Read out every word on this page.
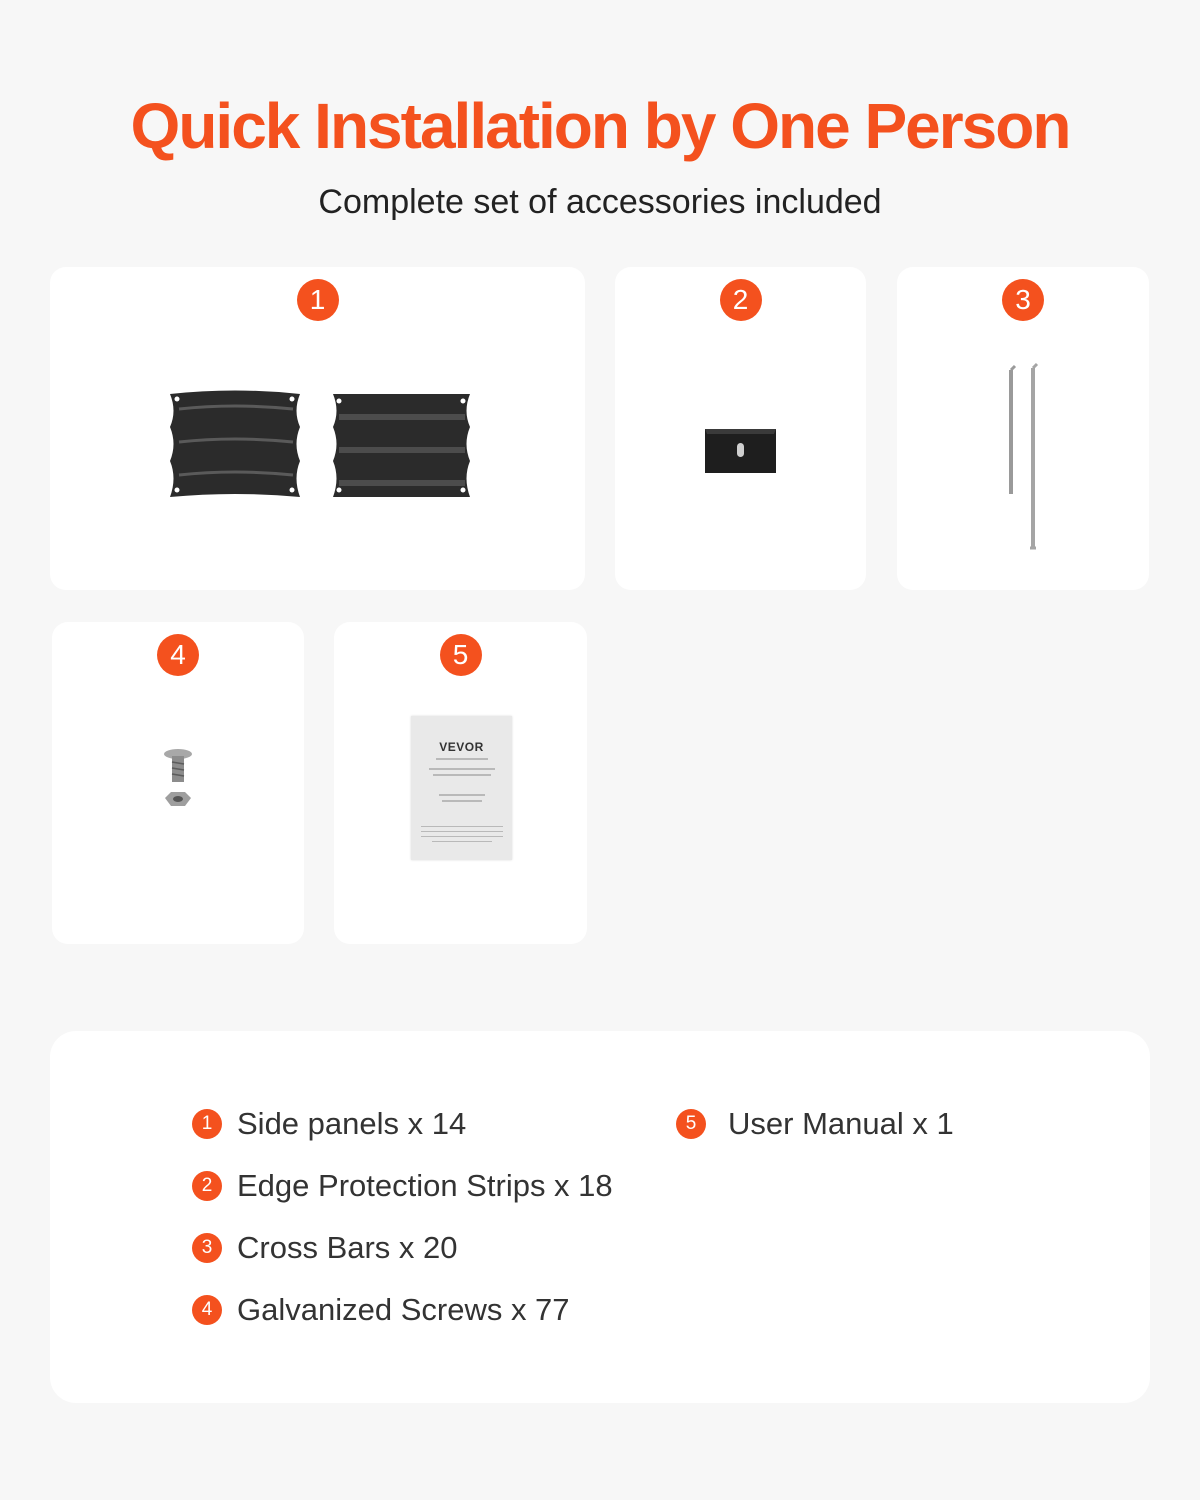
Quick Installation by One Person
Complete set of accessories included
1	2	3
4	5
VEVOR
1 Side panels x 14
2 Edge Protection Strips x 18
3 Cross Bars x 20
4 Galvanized Screws x 77
5	User Manual x 1
